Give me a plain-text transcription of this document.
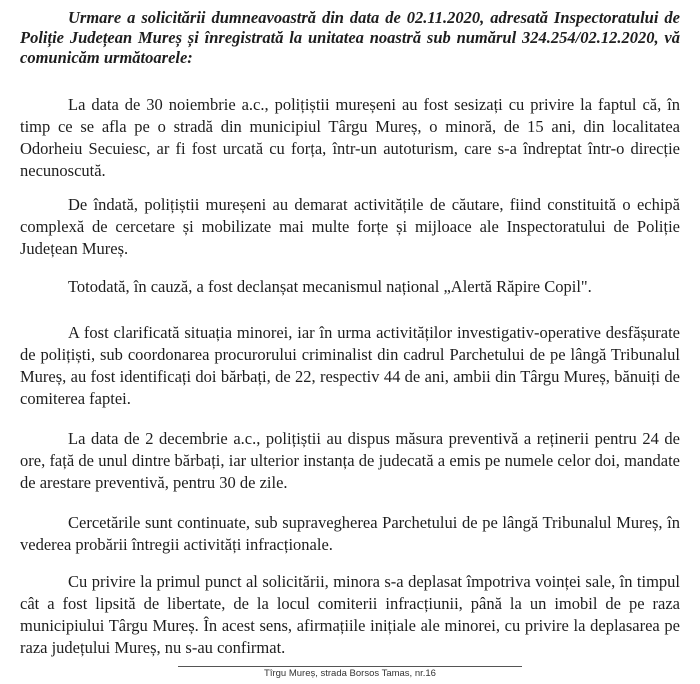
Urmare a solicitării dumneavoastră din data de 02.11.2020, adresată Inspectoratului de Poliție Județean Mureș și înregistrată la unitatea noastră sub numărul 324.254/02.12.2020, vă comunicăm următoarele:

La data de 30 noiembrie a.c., polițiștii mureșeni au fost sesizați cu privire la faptul că, în timp ce se afla pe o stradă din municipiul Târgu Mureș, o minoră, de 15 ani, din localitatea Odorheiu Secuiesc, ar fi fost urcată cu forța, într-un autoturism, care s-a îndreptat într-o direcție necunoscută.

De îndată, polițiștii mureșeni au demarat activitățile de căutare, fiind constituită o echipă complexă de cercetare și mobilizate mai multe forțe și mijloace ale Inspectoratului de Poliție Județean Mureș.

Totodată, în cauză, a fost declanșat mecanismul național „Alertă Răpire Copil".

A fost clarificată situația minorei, iar în urma activităților investigativ-operative desfășurate de polițiști, sub coordonarea procurorului criminalist din cadrul Parchetului de pe lângă Tribunalul Mureș, au fost identificați doi bărbați, de 22, respectiv 44 de ani, ambii din Târgu Mureș, bănuiți de comiterea faptei.

La data de 2 decembrie a.c., polițiștii au dispus măsura preventivă a reținerii pentru 24 de ore, față de unul dintre bărbați, iar ulterior instanța de judecată a emis pe numele celor doi, mandate de arestare preventivă, pentru 30 de zile.

Cercetările sunt continuate, sub supravegherea Parchetului de pe lângă Tribunalul Mureș, în vederea probării întregii activități infracționale.

Cu privire la primul punct al solicitării, minora s-a deplasat împotriva voinței sale, în timpul cât a fost lipsită de libertate, de la locul comiterii infracțiunii, până la un imobil de pe raza municipiului Târgu Mureș. În acest sens, afirmațiile inițiale ale minorei, cu privire la deplasarea pe raza județului Mureș, nu s-au confirmat.

Tîrgu Mureș, strada Borsos Tamas, nr.16
